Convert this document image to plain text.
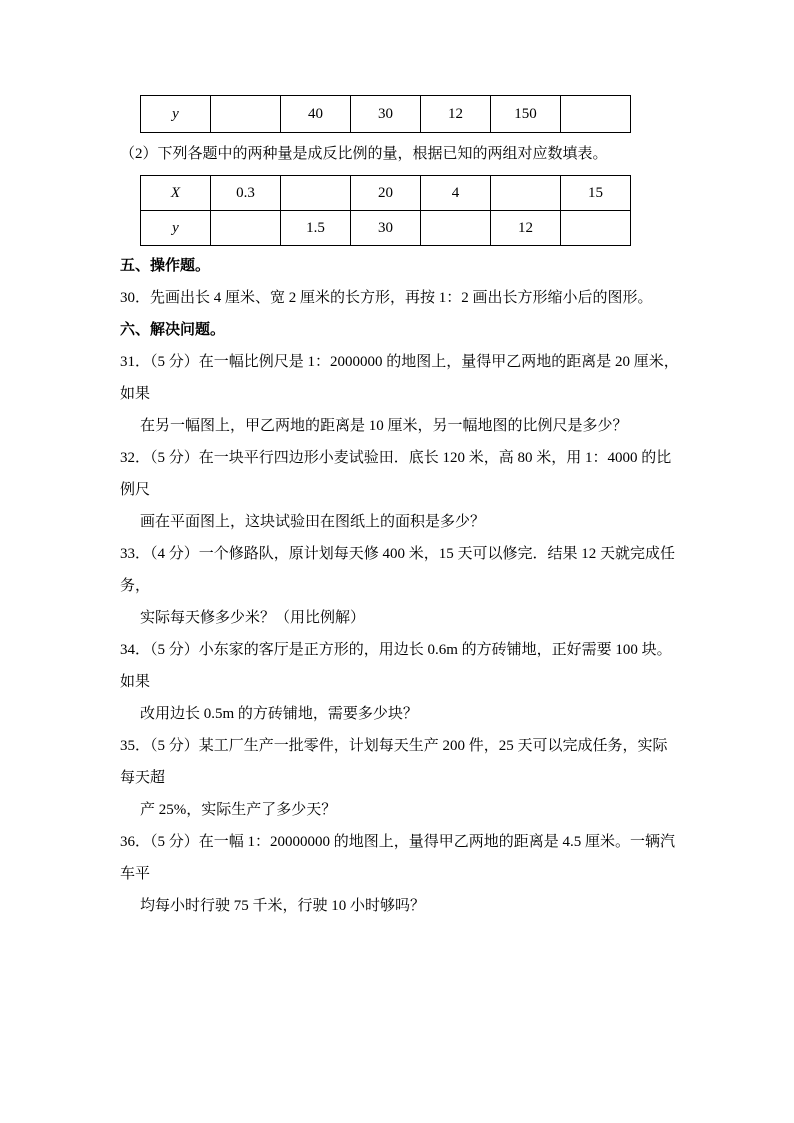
y		40	30	12	150	

（2）下列各题中的两种量是成反比例的量，根据已知的两组对应数填表。

X	0.3		20	4		15
y		1.5	30		12	

五、操作题。

30．先画出长 4 厘米、宽 2 厘米的长方形，再按 1：2 画出长方形缩小后的图形。

六、解决问题。

31．（5 分）在一幅比例尺是 1：2000000 的地图上，量得甲乙两地的距离是 20 厘米，如果

在另一幅图上，甲乙两地的距离是 10 厘米，另一幅地图的比例尺是多少？

32．（5 分）在一块平行四边形小麦试验田．底长 120 米，高 80 米，用 1：4000 的比例尺

画在平面图上，这块试验田在图纸上的面积是多少？

33．（4 分）一个修路队，原计划每天修 400 米，15 天可以修完．结果 12 天就完成任务，

实际每天修多少米？（用比例解）

34．（5 分）小东家的客厅是正方形的，用边长 0.6m 的方砖铺地，正好需要 100 块。如果

改用边长 0.5m 的方砖铺地，需要多少块？

35．（5 分）某工厂生产一批零件，计划每天生产 200 件，25 天可以完成任务，实际每天超

产 25%，实际生产了多少天？

36．（5 分）在一幅 1：20000000 的地图上，量得甲乙两地的距离是 4.5 厘米。一辆汽车平

均每小时行驶 75 千米，行驶 10 小时够吗？
